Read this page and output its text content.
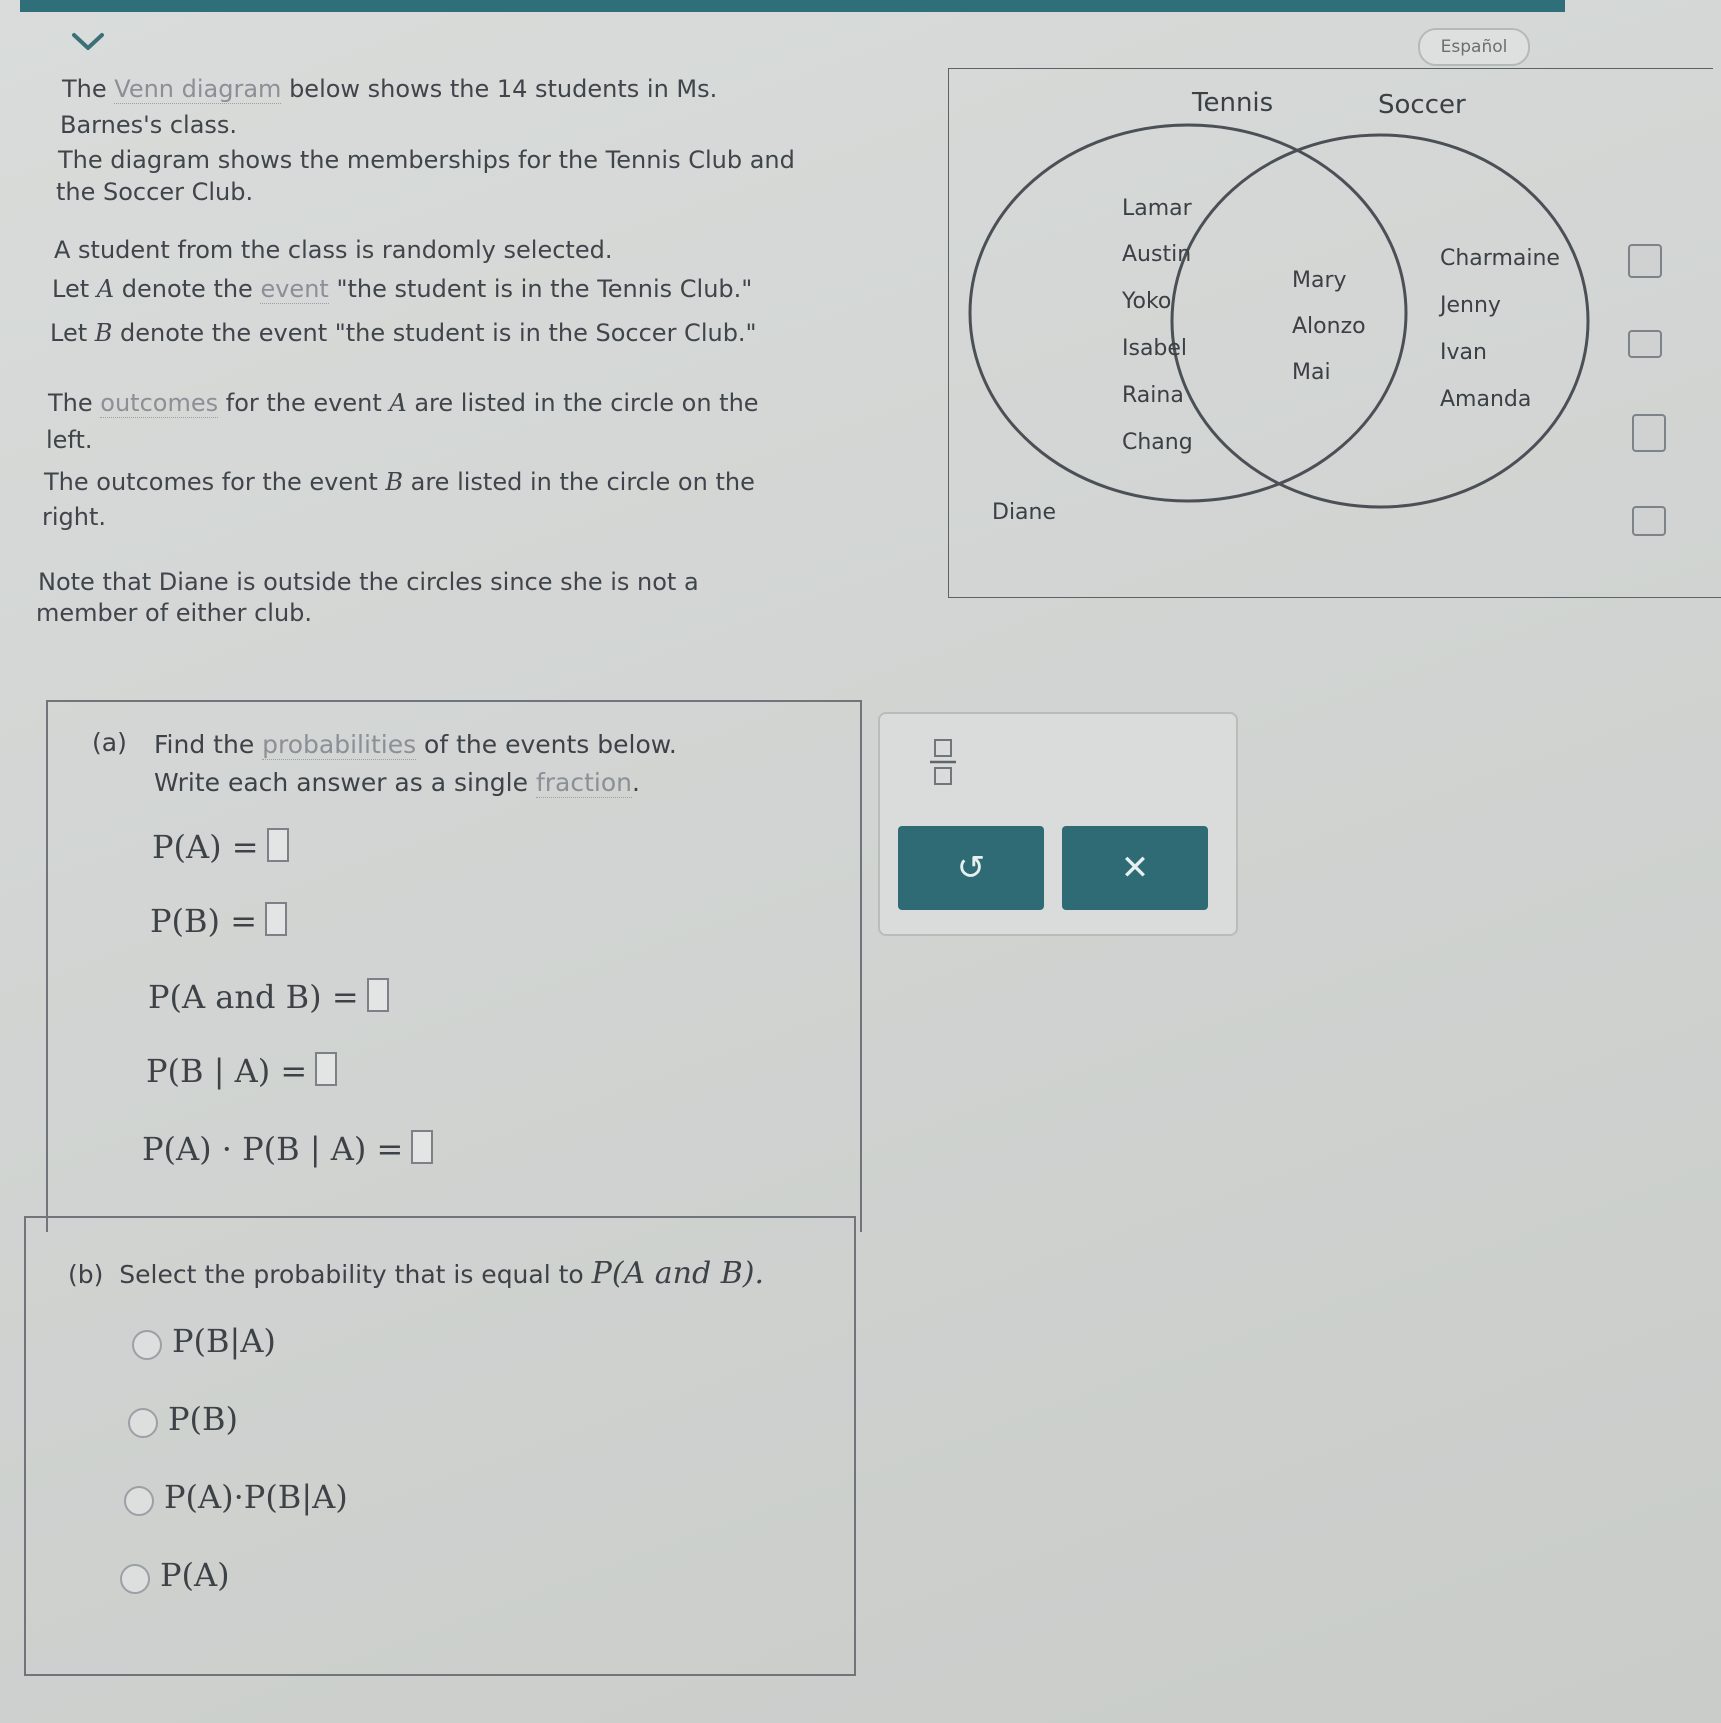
Español
The Venn diagram below shows the 14 students in Ms.
Barnes's class.
The diagram shows the memberships for the Tennis Club and
the Soccer Club.
A student from the class is randomly selected.
Let A denote the event "the student is in the Tennis Club."
Let B denote the event "the student is in the Soccer Club."
The outcomes for the event A are listed in the circle on the
left.
The outcomes for the event B are listed in the circle on the
right.
Note that Diane is outside the circles since she is not a
member of either club.
Tennis	Soccer
Lamar
Austin
Yoko
Isabel
Raina
Chang
Mary
Alonzo
Mai
Charmaine
Jenny
Ivan
Amanda
Diane
(a) Find the probabilities of the events below.
Write each answer as a single fraction.
P(A) =
P(B) =
P(A and B) =
P(B | A) =
P(A) · P(B | A) =
↺	✕
(b) Select the probability that is equal to P(A and B).
P(B|A)
P(B)
P(A)·P(B|A)
P(A)
